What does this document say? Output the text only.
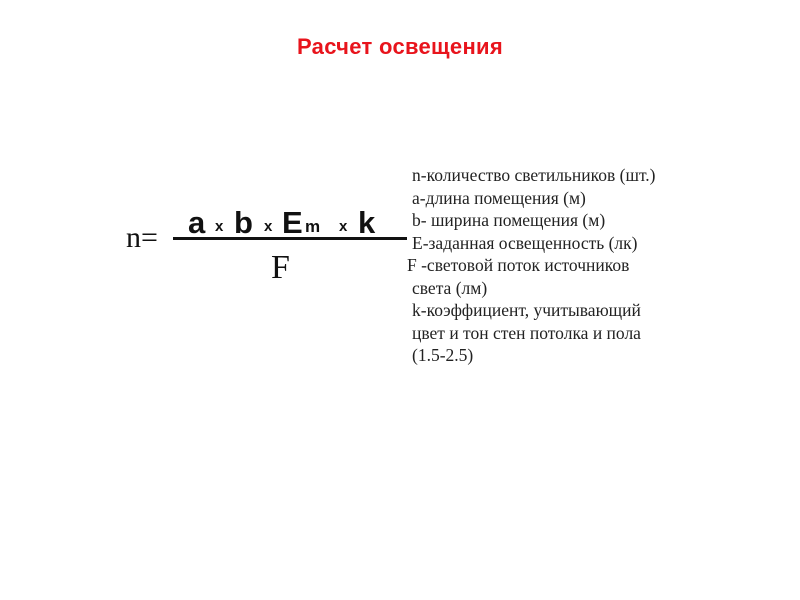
Расчет освещения
n= a x b x E m x k
F
n-количество светильников (шт.)
a-длина помещения (м)
b- ширина помещения (м)
E-заданная освещенность (лк)
F -световой поток источников
света (лм)
k-коэффициент, учитывающий
цвет и тон стен потолка и пола
(1.5-2.5)
